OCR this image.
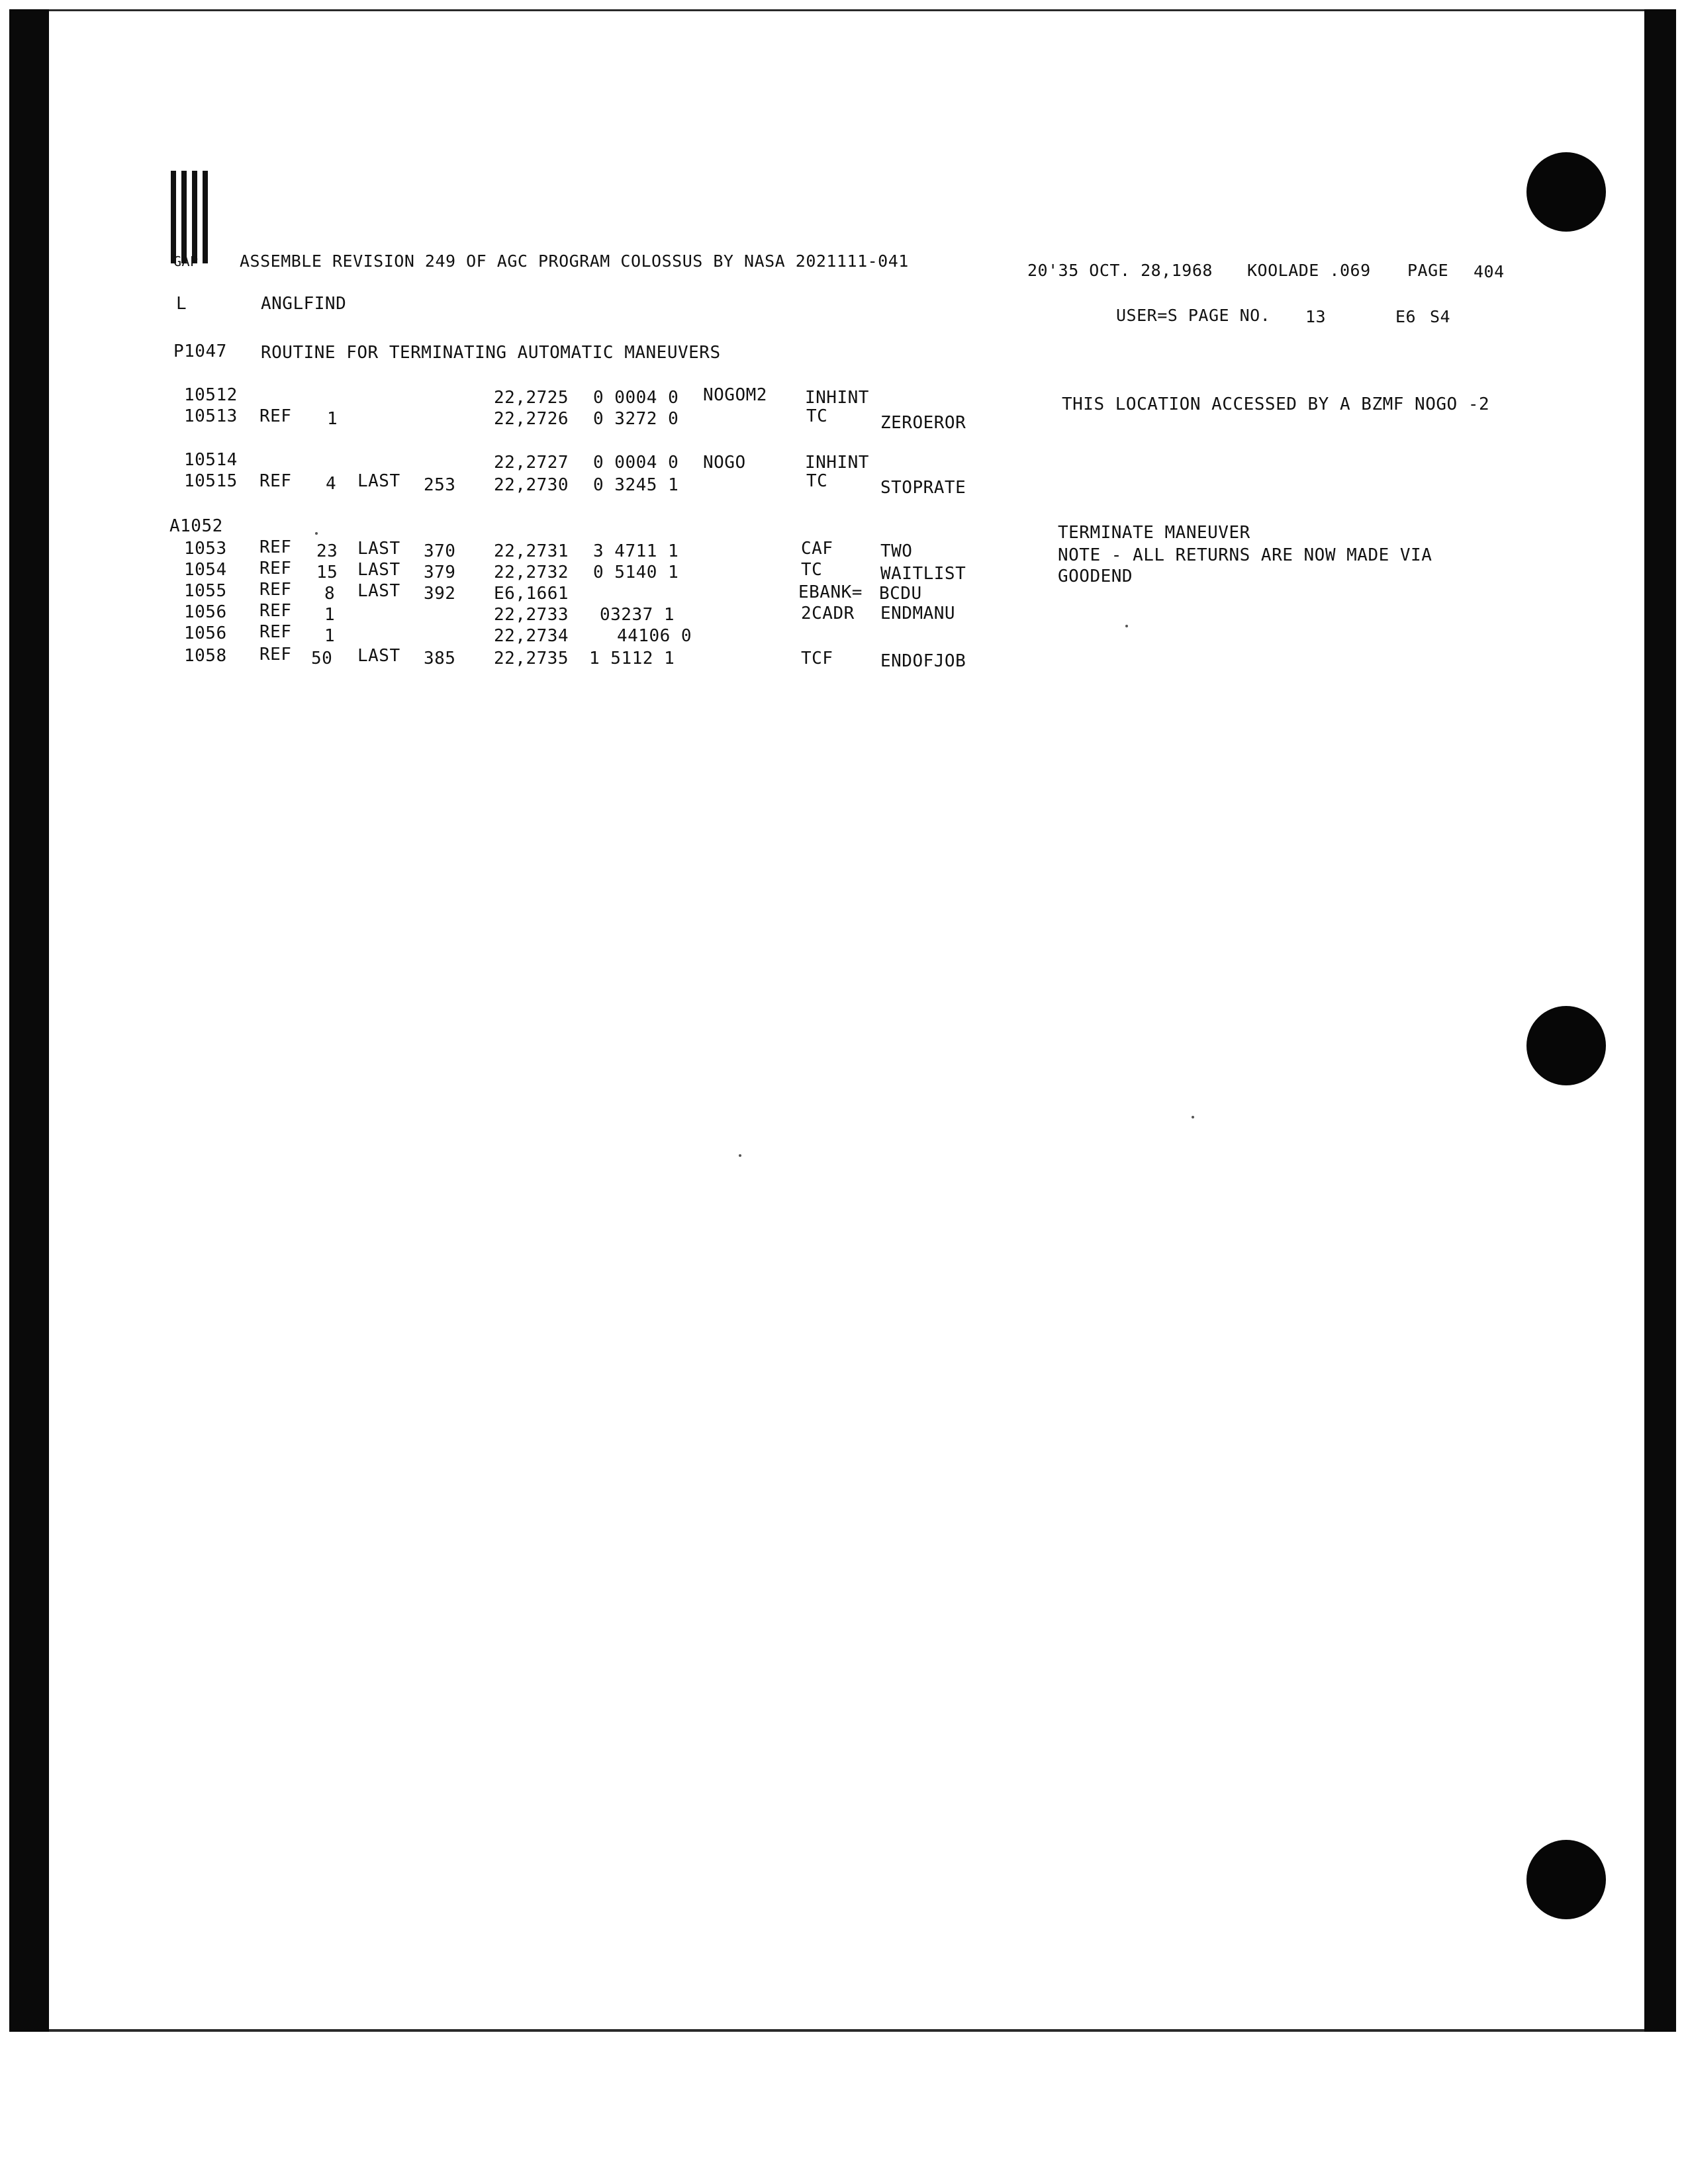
GAP ASSEMBLE REVISION 249 OF AGC PROGRAM COLOSSUS BY NASA 2021111-041	20'35 OCT. 28,1968 KOOLADE .069 PAGE 404
L	ANGLFIND
USER=S PAGE NO. 13	E6 S4
P1047 ROUTINE FOR TERMINATING AUTOMATIC MANEUVERS
10512	22,2725 0 0004 0 NOGOM2 INHINT
10513 REF 1	22,2726 0 3272 0	TC	ZEROEROR
10514	22,2727 0 0004 0 NOGO	INHINT
10515 REF 4 LAST 253 22,2730 0 3245 1	TC	STOPRATE
A1052
1053 REF 23 LAST 370 22,2731 3 4711 1	CAF	TWO
1054 REF 15 LAST 379 22,2732 0 5140 1	TC	WAITLIST
1055 REF 8 LAST 392 E6,1661	EBANK= BCDU
1056 REF 1	22,2733 03237 1	2CADR ENDMANU
1056 REF 1	22,2734	44106 0
1058 REF 50 LAST 385 22,2735 1 5112 1	TCF	ENDOFJOB
THIS LOCATION ACCESSED BY A BZMF NOGO -2
TERMINATE MANEUVER
NOTE - ALL RETURNS ARE NOW MADE VIA
GOODEND
